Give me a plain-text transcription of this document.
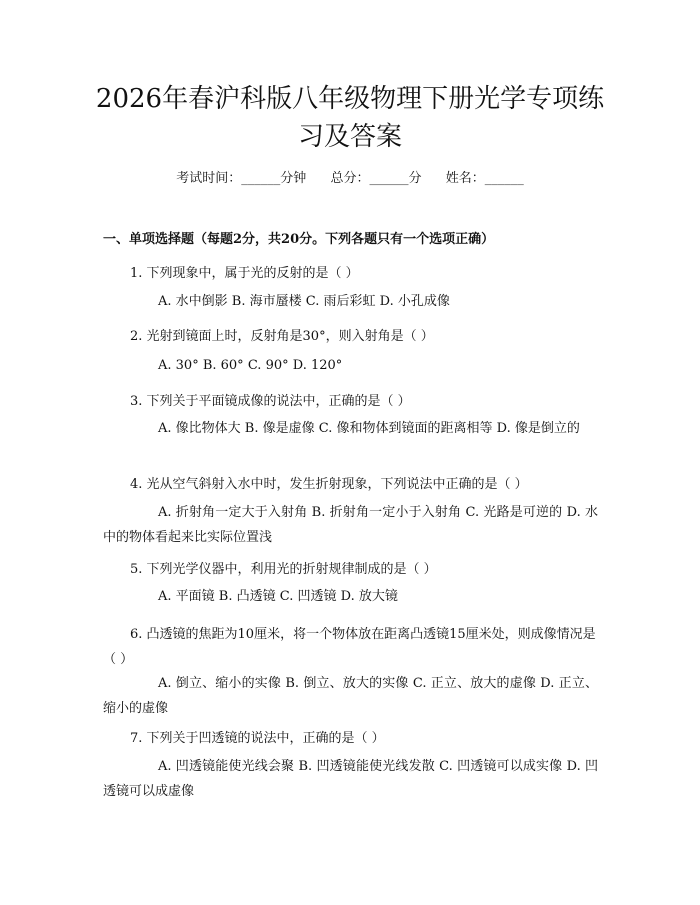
2026年春沪科版八年级物理下册光学专项练习及答案
考试时间：______分钟 总分：______分 姓名：______
一、单项选择题（每题2分，共20分。下列各题只有一个选项正确）
1. 下列现象中，属于光的反射的是（ ）
A. 水中倒影 B. 海市蜃楼 C. 雨后彩虹 D. 小孔成像
2. 光射到镜面上时，反射角是30°，则入射角是（ ）
A. 30° B. 60° C. 90° D. 120°
3. 下列关于平面镜成像的说法中，正确的是（ ）
A. 像比物体大 B. 像是虚像 C. 像和物体到镜面的距离相等 D. 像是倒立的
4. 光从空气斜射入水中时，发生折射现象，下列说法中正确的是（ ）
A. 折射角一定大于入射角 B. 折射角一定小于入射角 C. 光路是可逆的 D. 水中的物体看起来比实际位置浅
5. 下列光学仪器中，利用光的折射规律制成的是（ ）
A. 平面镜 B. 凸透镜 C. 凹透镜 D. 放大镜
6. 凸透镜的焦距为10厘米，将一个物体放在距离凸透镜15厘米处，则成像情况是（ ）
A. 倒立、缩小的实像 B. 倒立、放大的实像 C. 正立、放大的虚像 D. 正立、缩小的虚像
7. 下列关于凹透镜的说法中，正确的是（ ）
A. 凹透镜能使光线会聚 B. 凹透镜能使光线发散 C. 凹透镜可以成实像 D. 凹透镜可以成虚像
